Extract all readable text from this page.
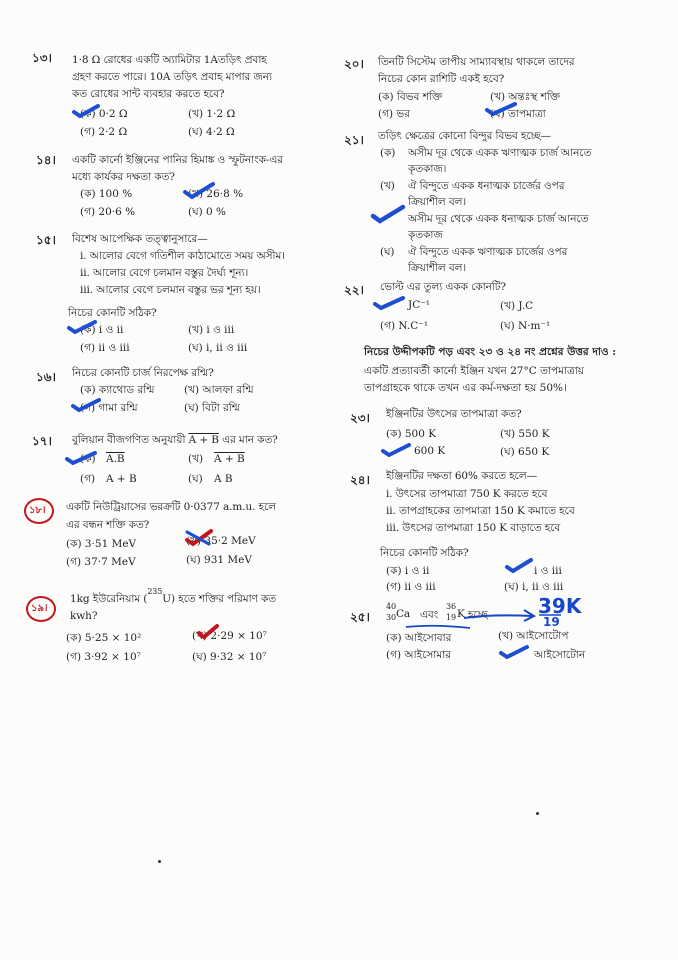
১৩। 1·8 Ω রোধের একটি অ্যামিটার 1Aতড়িৎ প্রবাহ
গ্রহণ করতে পারে। 10A তড়িৎ প্রবাহ মাপার জন্য
কত রোধের সান্ট ব্যবহার করতে হবে?
(ক) 0·2 Ω	(খ) 1·2 Ω
(গ) 2·2 Ω	(ঘ) 4·2 Ω
১৪। একটি কার্নো ইঞ্জিনের পানির হিমাঙ্ক ও স্ফুটনাংক-এর
মধ্যে কার্যকর দক্ষতা কত?
(ক) 100 %	(খ) 26·8 %
(গ) 20·6 %	(ঘ) 0 %
১৫। বিশেষ আপেক্ষিক তত্ত্বানুসারে—
i. আলোর বেগে গতিশীল কাঠামোতে সময় অসীম।
ii. আলোর বেগে চলমান বস্তুর দৈর্ঘ্য শূন্য।
iii. আলোর বেগে চলমান বস্তুর ভর শূন্য হয়।
নিচের কোনটি সঠিক?
(ক) i ও ii	(খ) i ও iii
(গ) ii ও iii	(ঘ) i, ii ও iii
১৬। নিচের কোনটি চার্জ নিরপেক্ষ রশ্মি?
(ক) ক্যাথোড রশ্মি	(খ) আলফা রশ্মি
(গ) গামা রশ্মি	(ঘ) বিটা রশ্মি
১৭। বুলিয়ান বীজগণিত অনুযায়ী A + B এর মান কত?
(ক) A.B	(খ) A + B
(গ) A + B	(ঘ) A B
১৮। একটি নিউট্রিয়াসের ভরক্রটি 0·0377 a.m.u. হলে
এর বন্ধন শক্তি কত?
(ক) 3·51 MeV	(খ) 35·2 MeV
(গ) 37·7 MeV	(ঘ) 931 MeV
১৯।
1kg ইউরেনিয়াম ($^{235}$U) হতে শক্তির পরিমাণ কত
kwh?
(ক) 5·25 × 10²	(খ) 2·29 × 10⁷
(গ) 3·92 × 10⁷	(ঘ) 9·32 × 10⁷
২০। তিনটি সিস্টেম তাপীয় সাম্যাবস্থায় থাকলে তাদের
নিচের কোন রাশিটি একই হবে?
(ক) বিভব শক্তি	(খ) অন্তঃস্থ শক্তি
(গ) ভর	(ঘ) তাপমাত্রা
২১। তড়িৎ ক্ষেত্রের কোনো বিন্দুর বিভব হচ্ছে—
(ক) অসীম দূর থেকে একক ঋণাত্মক চার্জ আনতে
কৃতকাজ।
(খ) ঐ বিন্দুতে একক ধনাত্মক চার্জের ওপর
ক্রিয়াশীল বল।
অসীম দূর থেকে একক ধনাত্মক চার্জ আনতে
কৃতকাজ
(ঘ) ঐ বিন্দুতে একক ঋণাত্মক চার্জের ওপর
ক্রিয়াশীল বল।
২২। ভোল্ট এর তুল্য একক কোনটি?
JC⁻¹	(খ) J.C
(গ) N.C⁻¹	(ঘ) N·m⁻¹
নিচের উদ্দীপকটি পড় এবং ২৩ ও ২৪ নং প্রশ্নের উত্তর দাও :
একটি প্রত্যাবর্তী কার্নো ইঞ্জিন যখন 27°C তাপমাত্রায়
তাপগ্রাহকে থাকে তখন এর কর্ম-দক্ষতা হয় 50%।
২৩। ইঞ্জিনটির উৎসের তাপমাত্রা কত?
(ক) 500 K	(খ) 550 K
600 K	(ঘ) 650 K
২৪। ইঞ্জিনটির দক্ষতা 60% করতে হলে—
i. উৎসের তাপমাত্রা 750 K করতে হবে
ii. তাপগ্রাহকের তাপমাত্রা 150 K কমাতে হবে
iii. উৎসের তাপমাত্রা 150 K বাড়াতে হবে
নিচের কোনটি সঠিক?
(ক) i ও ii	i ও iii
(গ) ii ও iii	(ঘ) i, ii ও iii
২৫।
40
30 Ca এবং
36
19 K হচ্ছে
(ক) আইসোবার	(খ) আইসোটোপ
(গ) আইসোমার	আইসোটোন
39K
19
